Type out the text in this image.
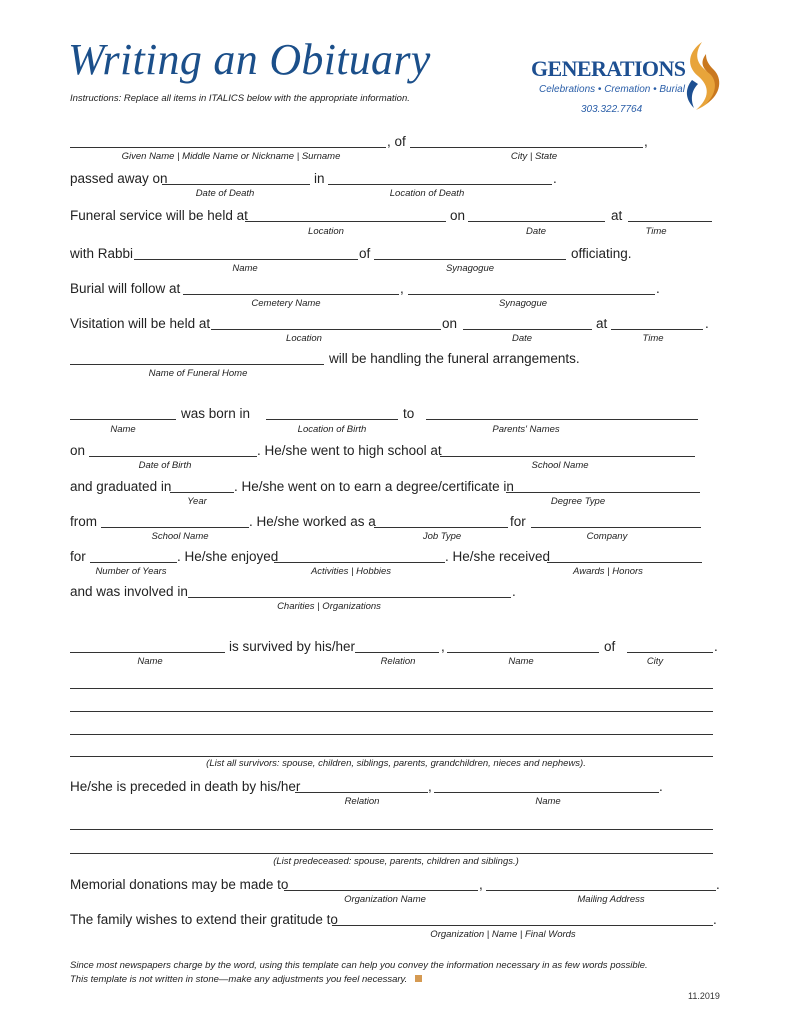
Writing an Obituary
Instructions: Replace all items in ITALICS below with the appropriate information.
GENERATIONS
Celebrations • Cremation • Burial
303.322.7764
, of	,
Given Name | Middle Name or Nickname | Surname	City | State
passed away on	in	.
Date of Death	Location of Death
Funeral service will be held at	on	at
Location	Date	Time
with Rabbi	of	officiating.
Name	Synagogue
Burial will follow at	,	.
Cemetery Name	Synagogue
Visitation will be held at	on	at	.
Location	Date	Time
will be handling the funeral arrangements.
Name of Funeral Home
was born in	to
Name	Location of Birth	Parents' Names
on	. He/she went to high school at
Date of Birth	School Name
and graduated in	. He/she went on to earn a degree/certificate in
Year	Degree Type
from	. He/she worked as a	for
School Name	Job Type	Company
for	. He/she enjoyed	. He/she received
Number of Years	Activities | Hobbies	Awards | Honors
and was involved in	.
Charities | Organizations
is survived by his/her	,	of	.
Name	Relation	Name	City
(List all survivors: spouse, children, siblings, parents, grandchildren, nieces and nephews).
He/she is preceded in death by his/her	,	.
Relation	Name
(List predeceased: spouse, parents, children and siblings.)
Memorial donations may be made to	,	.
Organization Name	Mailing Address
The family wishes to extend their gratitude to	.
Organization | Name | Final Words
Since most newspapers charge by the word, using this template can help you convey the information necessary in as few words possible.
This template is not written in stone—make any adjustments you feel necessary.
11.2019
